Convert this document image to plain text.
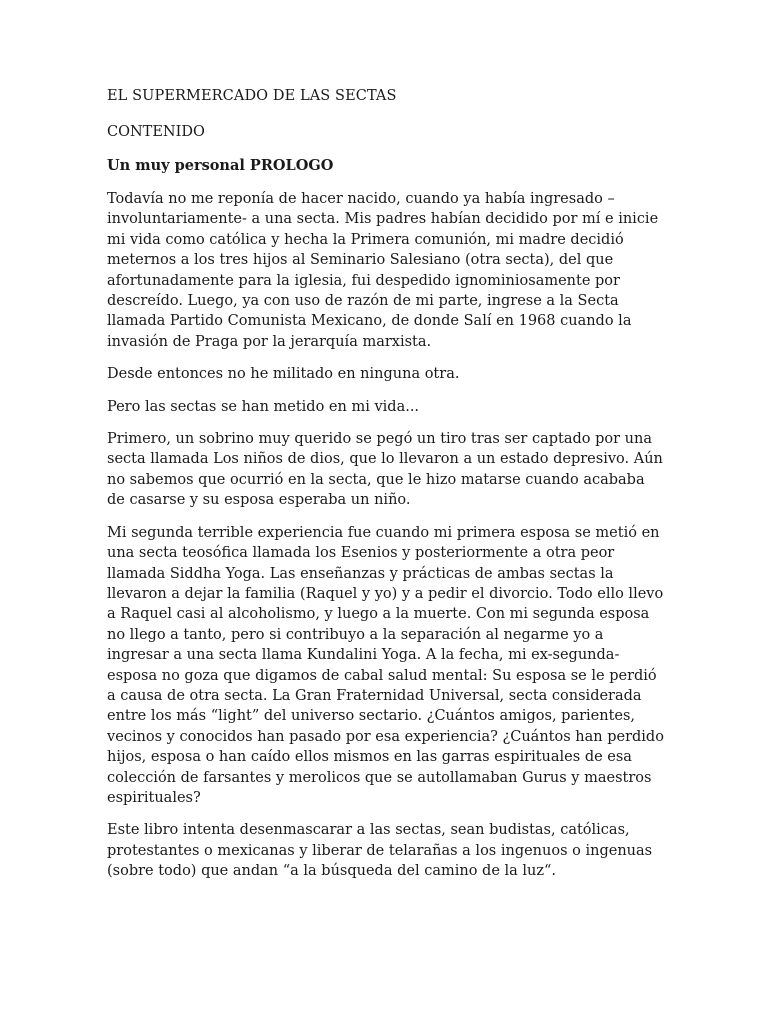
EL SUPERMERCADO DE LAS SECTAS

CONTENIDO

Un muy personal PROLOGO

Todavía no me reponía de hacer nacido, cuando ya había ingresado –involuntariamente- a una secta. Mis padres habían decidido por mí e inicie mi vida como católica y hecha la Primera comunión, mi madre decidió meternos a los tres hijos al Seminario Salesiano (otra secta), del que afortunadamente para la iglesia, fui despedido ignominiosamente por descreído. Luego, ya con uso de razón de mi parte, ingrese a la Secta llamada Partido Comunista Mexicano, de donde Salí en 1968 cuando la invasión de Praga por la jerarquía marxista.

Desde entonces no he militado en ninguna otra.

Pero las sectas se han metido en mi vida...

Primero, un sobrino muy querido se pegó un tiro tras ser captado por una secta llamada Los niños de dios, que lo llevaron a un estado depresivo. Aún no sabemos que ocurrió en la secta, que le hizo matarse cuando acababa de casarse y su esposa esperaba un niño.

Mi segunda terrible experiencia fue cuando mi primera esposa se metió en una secta teosófica llamada los Esenios y posteriormente a otra peor llamada Siddha Yoga. Las enseñanzas y prácticas de ambas sectas la llevaron a dejar la familia (Raquel y yo) y a pedir el divorcio. Todo ello llevo a Raquel casi al alcoholismo, y luego a la muerte. Con mi segunda esposa no llego a tanto, pero si contribuyo a la separación al negarme yo a ingresar a una secta llama Kundalini Yoga. A la fecha, mi ex-segunda-esposa no goza que digamos de cabal salud mental: Su esposa se le perdió a causa de otra secta. La Gran Fraternidad Universal, secta considerada entre los más “light” del universo sectario. ¿Cuántos amigos, parientes, vecinos y conocidos han pasado por esa experiencia? ¿Cuántos han perdido hijos, esposa o han caído ellos mismos en las garras espirituales de esa colección de farsantes y merolicos que se autollamaban Gurus y maestros espirituales?

Este libro intenta desenmascarar a las sectas, sean budistas, católicas, protestantes o mexicanas y liberar de telarañas a los ingenuos o ingenuas (sobre todo) que andan “a la búsqueda del camino de la luz“.
